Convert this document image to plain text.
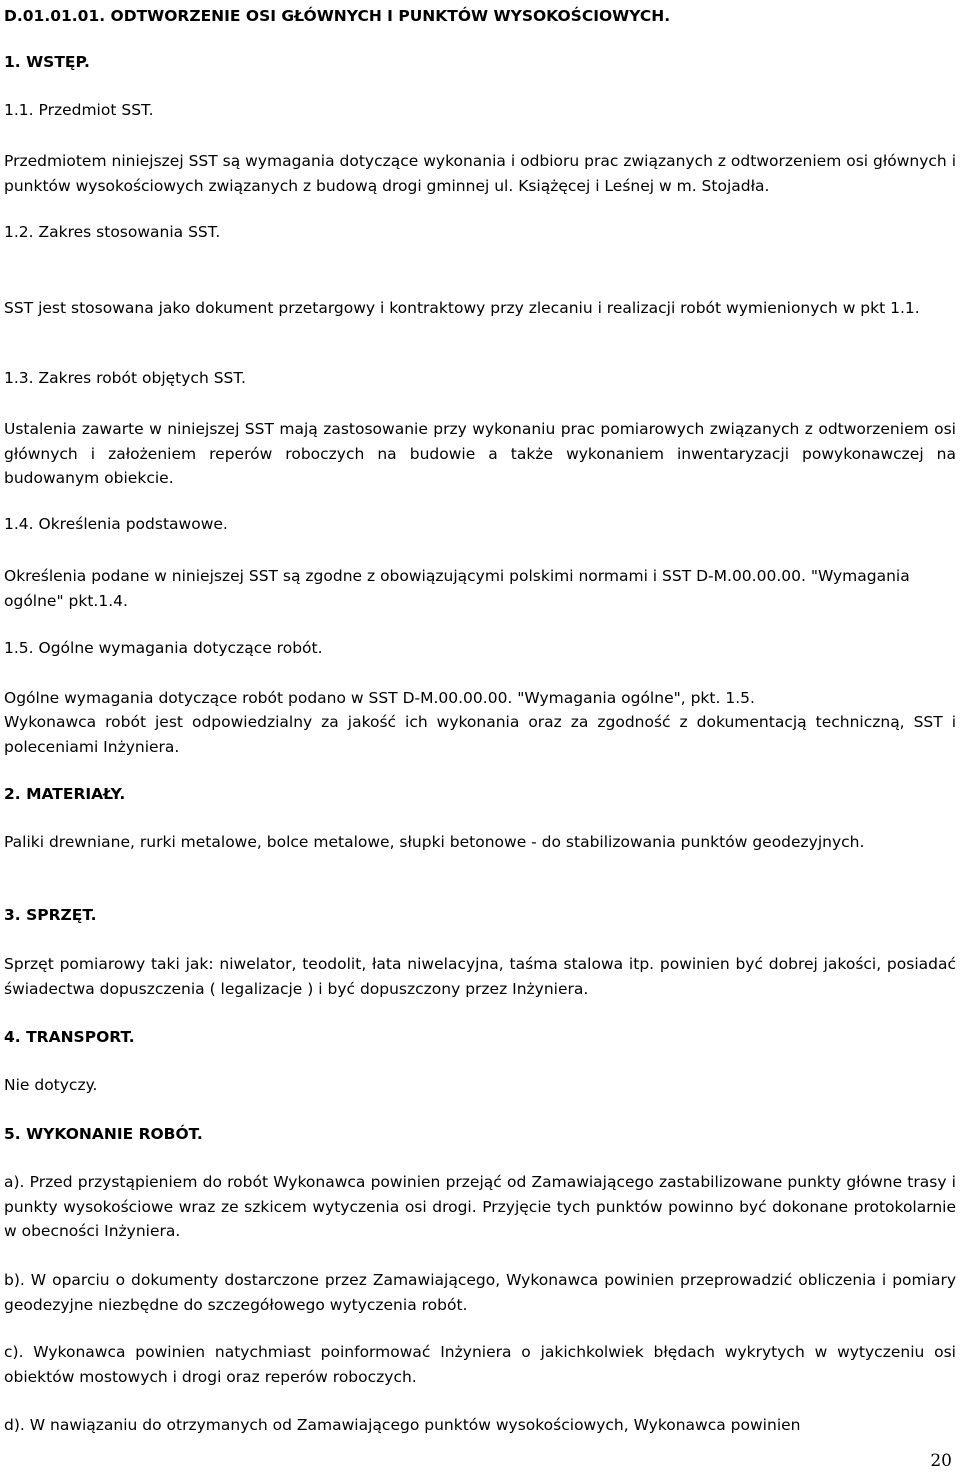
D.01.01.01. ODTWORZENIE OSI GŁÓWNYCH I PUNKTÓW WYSOKOŚCIOWYCH.
1. WSTĘP.
1.1. Przedmiot SST.
Przedmiotem niniejszej SST są wymagania dotyczące wykonania i odbioru prac związanych z odtworzeniem osi głównych i punktów wysokościowych związanych z budową drogi gminnej ul. Książęcej i Leśnej w m. Stojadła.
1.2. Zakres stosowania SST.
SST jest stosowana jako dokument przetargowy i kontraktowy przy zlecaniu i realizacji robót wymienionych w pkt 1.1.
1.3. Zakres robót objętych SST.
Ustalenia zawarte w niniejszej SST mają zastosowanie przy wykonaniu prac pomiarowych związanych z odtworzeniem osi głównych i założeniem reperów roboczych na budowie a także wykonaniem inwentaryzacji powykonawczej na budowanym obiekcie.
1.4. Określenia podstawowe.
Określenia podane w niniejszej SST są zgodne z obowiązującymi polskimi normami i SST D-M.00.00.00. "Wymagania ogólne" pkt.1.4.
1.5. Ogólne wymagania dotyczące robót.
Ogólne wymagania dotyczące robót podano w SST D-M.00.00.00. "Wymagania ogólne", pkt. 1.5.
Wykonawca robót jest odpowiedzialny za jakość ich wykonania oraz za zgodność z dokumentacją techniczną, SST i poleceniami Inżyniera.
2. MATERIAŁY.
Paliki drewniane, rurki metalowe, bolce metalowe, słupki betonowe - do stabilizowania punktów geodezyjnych.
3. SPRZĘT.
Sprzęt pomiarowy taki jak: niwelator, teodolit, łata niwelacyjna, taśma stalowa itp. powinien być dobrej jakości, posiadać świadectwa dopuszczenia ( legalizacje ) i być dopuszczony przez Inżyniera.
4. TRANSPORT.
Nie dotyczy.
5. WYKONANIE ROBÓT.
a). Przed przystąpieniem do robót Wykonawca powinien przejąć od Zamawiającego zastabilizowane punkty główne trasy i punkty wysokościowe wraz ze szkicem wytyczenia osi drogi. Przyjęcie tych punktów powinno być dokonane protokolarnie w obecności Inżyniera.
b). W oparciu o dokumenty dostarczone przez Zamawiającego, Wykonawca powinien przeprowadzić obliczenia i pomiary geodezyjne niezbędne do szczegółowego wytyczenia robót.
c). Wykonawca powinien natychmiast poinformować Inżyniera o jakichkolwiek błędach wykrytych w wytyczeniu osi obiektów mostowych i drogi oraz reperów roboczych.
d). W nawiązaniu do otrzymanych od Zamawiającego punktów wysokościowych, Wykonawca powinien
20
